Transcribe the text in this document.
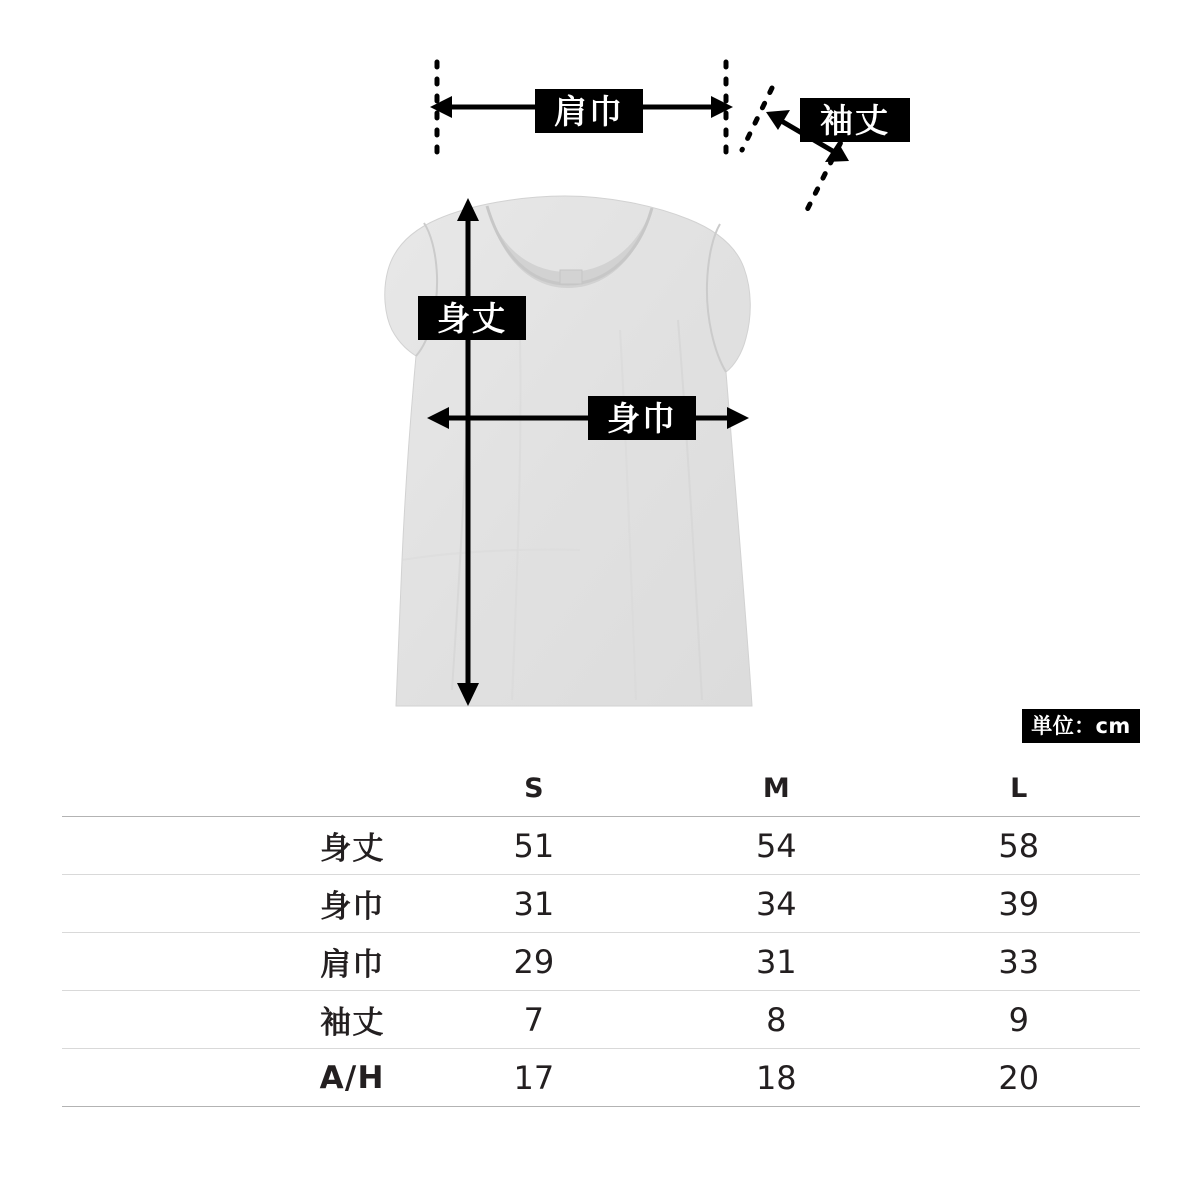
肩巾	袖丈
身丈
身巾
単位：cm
	S	M	L
身丈	51	54	58
身巾	31	34	39
肩巾	29	31	33
袖丈	7	8	9
A/H	17	18	20
